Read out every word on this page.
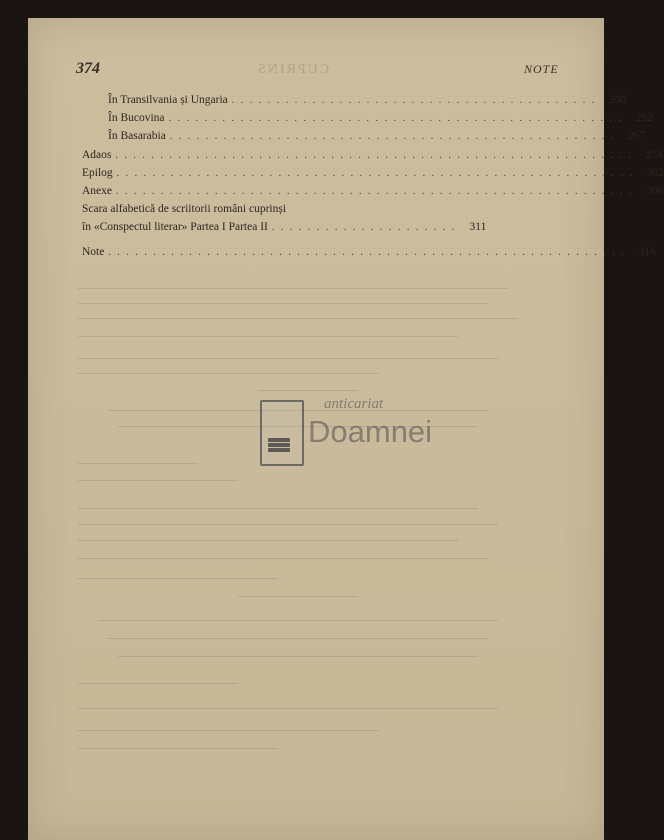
374	CUPRINS	NOTE
În Transilvania și Ungaria . . . . . . . . . . . . . . . . . . . . . . . . . . . . . . . . . . . . . . . . .	208
În Bucovina . . . . . . . . . . . . . . . . . . . . . . . . . . . . . . . . . . . . . . . . . . . . . . . . . . .	252
În Basarabia . . . . . . . . . . . . . . . . . . . . . . . . . . . . . . . . . . . . . . . . . . . . . . . . . .	267
Adaos . . . . . . . . . . . . . . . . . . . . . . . . . . . . . . . . . . . . . . . . . . . . . . . . . . . . . . . . . .	274
Epilog . . . . . . . . . . . . . . . . . . . . . . . . . . . . . . . . . . . . . . . . . . . . . . . . . . . . . . . . . .	302
Anexe . . . . . . . . . . . . . . . . . . . . . . . . . . . . . . . . . . . . . . . . . . . . . . . . . . . . . . . . . .	306
Scara alfabetică de scriitorii români cuprinși
în «Conspectul literar» Partea I Partea II . . . . . . . . . . . . . . . . . . . . .	311
Note . . . . . . . . . . . . . . . . . . . . . . . . . . . . . . . . . . . . . . . . . . . . . . . . . . . . . . . . . .	316
anticariat
Doamnei
